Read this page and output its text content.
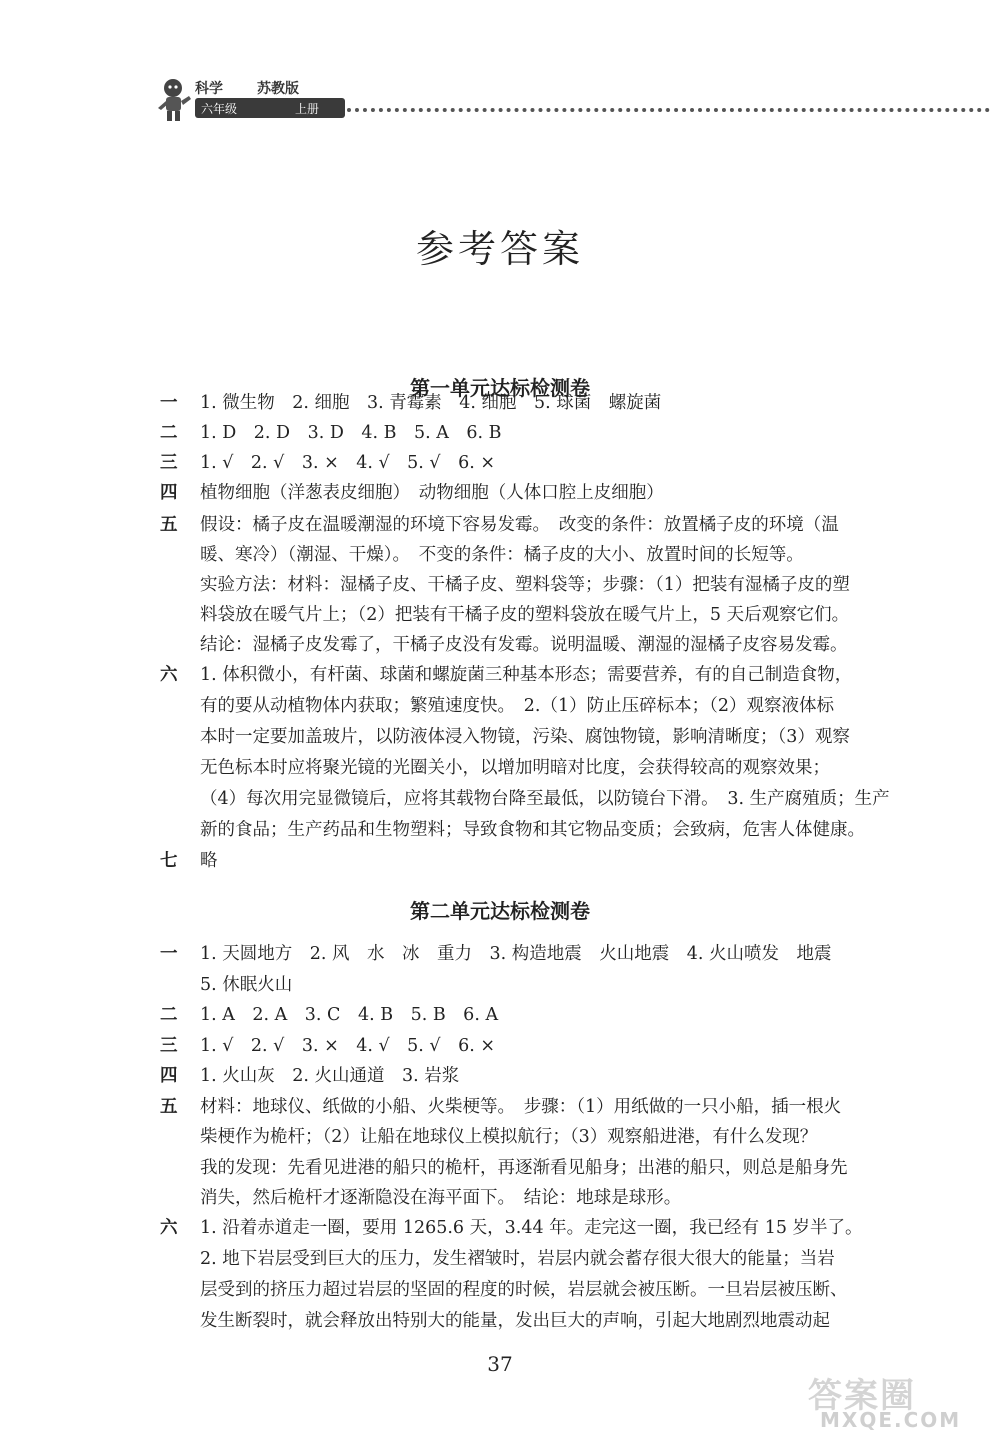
科学 苏教版
六年级	上册
参考答案
第一单元达标检测卷
一 1. 微生物　2. 细胞　3. 青霉素　4. 细胞　5. 球菌　螺旋菌
二 1. D　2. D　3. D　4. B　5. A　6. B
三 1. √　2. √　3. ×　4. √　5. √　6. ×
四 植物细胞（洋葱表皮细胞）　动物细胞（人体口腔上皮细胞）
五 假设：橘子皮在温暖潮湿的环境下容易发霉。　改变的条件：放置橘子皮的环境（温
暖、寒冷）（潮湿、干燥）。　不变的条件：橘子皮的大小、放置时间的长短等。
实验方法：材料：湿橘子皮、干橘子皮、塑料袋等；步骤：（1）把装有湿橘子皮的塑
料袋放在暖气片上；（2）把装有干橘子皮的塑料袋放在暖气片上，5 天后观察它们。
结论：湿橘子皮发霉了，干橘子皮没有发霉。说明温暖、潮湿的湿橘子皮容易发霉。
六 1. 体积微小，有杆菌、球菌和螺旋菌三种基本形态；需要营养，有的自己制造食物，
有的要从动植物体内获取；繁殖速度快。　2.（1）防止压碎标本；（2）观察液体标
本时一定要加盖玻片，以防液体浸入物镜，污染、腐蚀物镜，影响清晰度；（3）观察
无色标本时应将聚光镜的光圈关小，以增加明暗对比度，会获得较高的观察效果；
（4）每次用完显微镜后，应将其载物台降至最低，以防镜台下滑。　3. 生产腐殖质；生产
新的食品；生产药品和生物塑料；导致食物和其它物品变质；会致病，危害人体健康。
七 略
第二单元达标检测卷
一 1. 天圆地方　2. 风　水　冰　重力　3. 构造地震　火山地震　4. 火山喷发　地震
5. 休眠火山
二 1. A　2. A　3. C　4. B　5. B　6. A
三 1. √　2. √　3. ×　4. √　5. √　6. ×
四 1. 火山灰　2. 火山通道　3. 岩浆
五 材料：地球仪、纸做的小船、火柴梗等。　步骤：（1）用纸做的一只小船，插一根火
柴梗作为桅杆；（2）让船在地球仪上模拟航行；（3）观察船进港，有什么发现？
我的发现：先看见进港的船只的桅杆，再逐渐看见船身；出港的船只，则总是船身先
消失，然后桅杆才逐渐隐没在海平面下。　结论：地球是球形。
六 1. 沿着赤道走一圈，要用 1265.6 天，3.44 年。走完这一圈，我已经有 15 岁半了。
2. 地下岩层受到巨大的压力，发生褶皱时，岩层内就会蓄存很大很大的能量；当岩
层受到的挤压力超过岩层的坚固的程度的时候，岩层就会被压断。一旦岩层被压断、
发生断裂时，就会释放出特别大的能量，发出巨大的声响，引起大地剧烈地震动起
37
答案圈
MXQE.COM
